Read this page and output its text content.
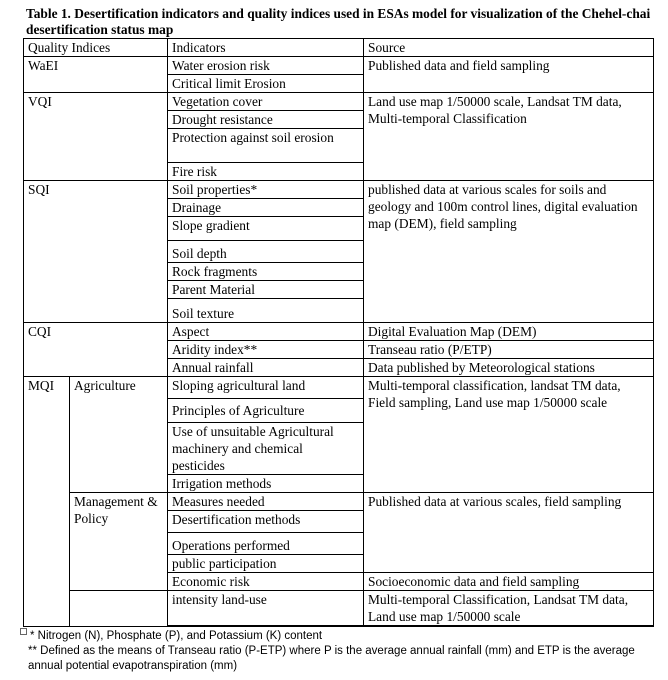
Table 1. Desertification indicators and quality indices used in ESAs model for visualization of the Chehel-chai desertification status map
Quality Indices		Indicators	Source
WaEI		Water erosion risk	Published data and field sampling
		Critical limit Erosion	
VQI		Vegetation cover	Land use map 1/50000 scale, Landsat TM data, Multi-temporal Classification
		Drought resistance	
		Protection against soil erosion	
		Fire risk	
SQI		Soil properties*	published data at various scales for soils and geology and 100m control lines, digital evaluation map (DEM), field sampling
		Drainage	
		Slope gradient	
		Soil depth	
		Rock fragments	
		Parent Material	
		Soil texture	
CQI		Aspect	Digital Evaluation Map (DEM)
		Aridity index**	Transeau ratio (P/ETP)
		Annual rainfall	Data published by Meteorological stations
MQI	Agriculture	Sloping agricultural land	Multi-temporal classification, landsat TM data, Field sampling, Land use map 1/50000 scale
		Principles of Agriculture	
		Use of unsuitable Agricultural machinery and chemical pesticides	
		Irrigation methods	
	Management & Policy	Measures needed	Published data at various scales, field sampling
		Desertification methods	
		Operations performed	
		public participation	
		Economic risk	Socioeconomic data and field sampling
		intensity land-use	Multi-temporal Classification, Landsat TM data, Land use map 1/50000 scale

* Nitrogen (N), Phosphate (P), and Potassium (K) content

** Defined as the means of Transeau ratio (P-ETP) where P is the average annual rainfall (mm) and ETP is the average annual potential evapotranspiration (mm)
